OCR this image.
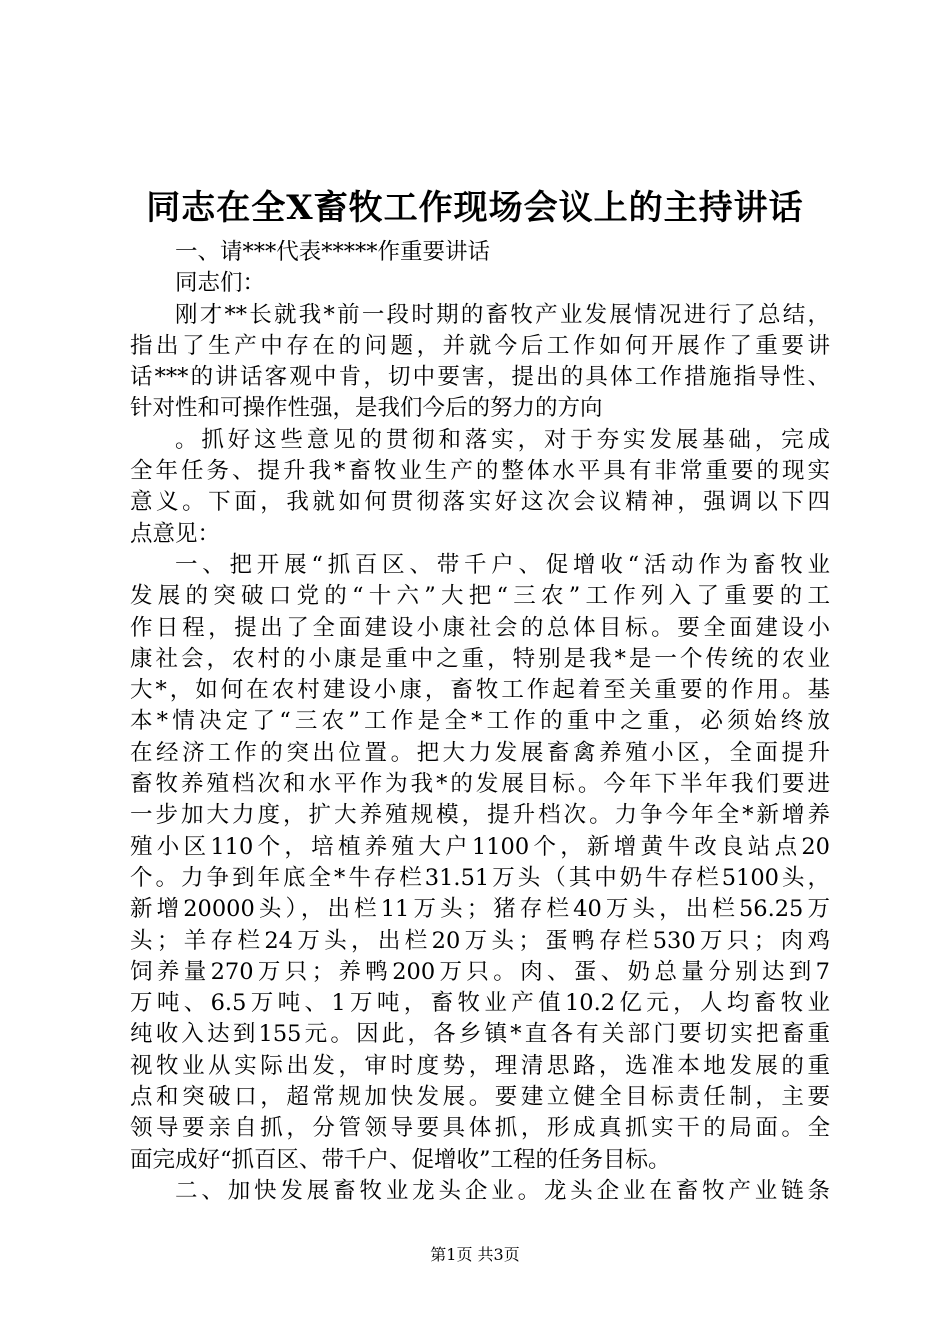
同志在全X畜牧工作现场会议上的主持讲话
一、请***代表*****作重要讲话
同志们：
刚才**长就我*前一段时期的畜牧产业发展情况进行了总结，
指出了生产中存在的问题，并就今后工作如何开展作了重要讲
话***的讲话客观中肯，切中要害，提出的具体工作措施指导性、
针对性和可操作性强，是我们今后的努力的方向
。抓好这些意见的贯彻和落实，对于夯实发展基础，完成
全年任务、提升我*畜牧业生产的整体水平具有非常重要的现实
意义。下面，我就如何贯彻落实好这次会议精神，强调以下四
点意见：
一、把开展“抓百区、带千户、促增收“活动作为畜牧业
发展的突破口党的“十六”大把“三农”工作列入了重要的工
作日程，提出了全面建设小康社会的总体目标。要全面建设小
康社会，农村的小康是重中之重，特别是我*是一个传统的农业
大*，如何在农村建设小康，畜牧工作起着至关重要的作用。基
本*情决定了“三农”工作是全*工作的重中之重，必须始终放
在经济工作的突出位置。把大力发展畜禽养殖小区，全面提升
畜牧养殖档次和水平作为我*的发展目标。今年下半年我们要进
一步加大力度，扩大养殖规模，提升档次。力争今年全*新增养
殖小区110个，培植养殖大户1100个，新增黄牛改良站点20
个。力争到年底全*牛存栏31.51万头（其中奶牛存栏5100头，
新增20000头），出栏11万头；猪存栏40万头，出栏56.25万
头；羊存栏24万头，出栏20万头；蛋鸭存栏530万只；肉鸡
饲养量270万只；养鸭200万只。肉、蛋、奶总量分别达到7
万吨、6.5万吨、1万吨，畜牧业产值10.2亿元，人均畜牧业
纯收入达到155元。因此，各乡镇*直各有关部门要切实把畜重
视牧业从实际出发，审时度势，理清思路，选准本地发展的重
点和突破口，超常规加快发展。要建立健全目标责任制，主要
领导要亲自抓，分管领导要具体抓，形成真抓实干的局面。全
面完成好“抓百区、带千户、促增收”工程的任务目标。
二、加快发展畜牧业龙头企业。龙头企业在畜牧产业链条
第1页 共3页
